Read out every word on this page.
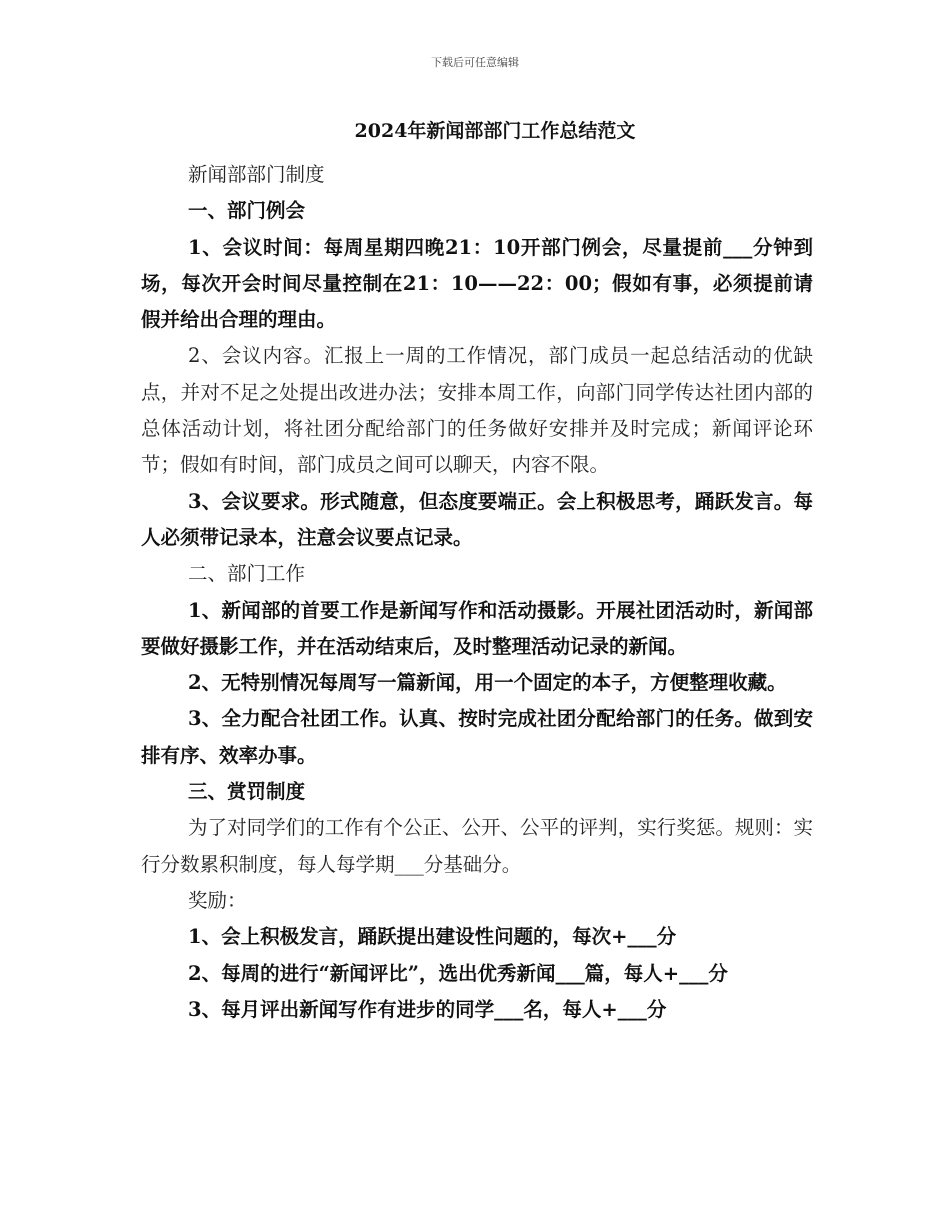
下载后可任意编辑
2024年新闻部部门工作总结范文

新闻部部门制度

一、部门例会

1、会议时间：每周星期四晚21：10开部门例会，尽量提前___分钟到场，每次开会时间尽量控制在21：10——22：00；假如有事，必须提前请假并给出合理的理由。

2、会议内容。汇报上一周的工作情况，部门成员一起总结活动的优缺点，并对不足之处提出改进办法；安排本周工作，向部门同学传达社团内部的总体活动计划，将社团分配给部门的任务做好安排并及时完成；新闻评论环节；假如有时间，部门成员之间可以聊天，内容不限。

3、会议要求。形式随意，但态度要端正。会上积极思考，踊跃发言。每人必须带记录本，注意会议要点记录。

二、部门工作

1、新闻部的首要工作是新闻写作和活动摄影。开展社团活动时，新闻部要做好摄影工作，并在活动结束后，及时整理活动记录的新闻。

2、无特别情况每周写一篇新闻，用一个固定的本子，方便整理收藏。

3、全力配合社团工作。认真、按时完成社团分配给部门的任务。做到安排有序、效率办事。

三、赏罚制度

为了对同学们的工作有个公正、公开、公平的评判，实行奖惩。规则：实行分数累积制度，每人每学期___分基础分。

奖励：

1、会上积极发言，踊跃提出建设性问题的，每次+___分

2、每周的进行“新闻评比”，选出优秀新闻___篇，每人+___分

3、每月评出新闻写作有进步的同学___名，每人+___分
